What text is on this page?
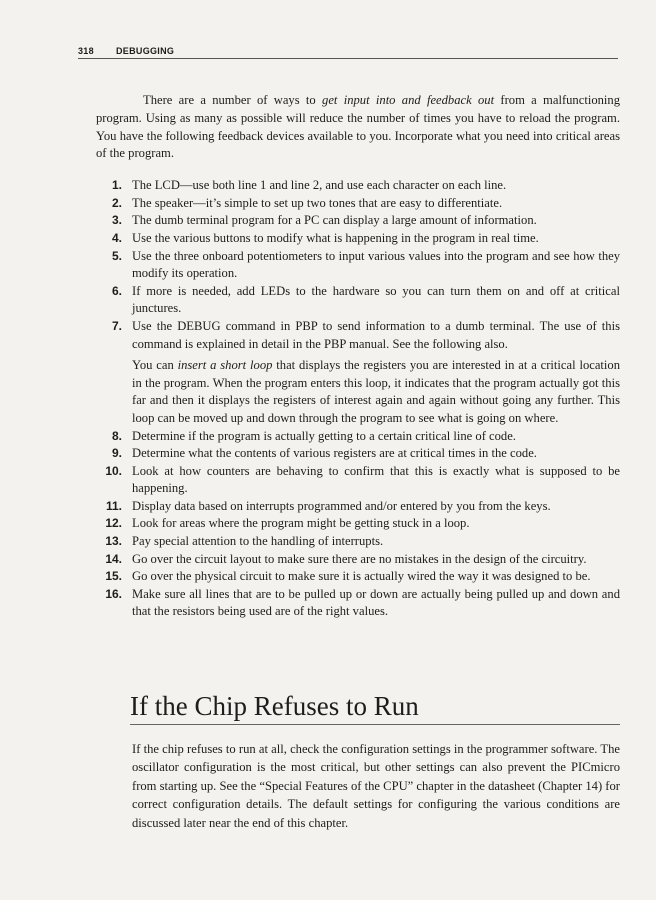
318 DEBUGGING

There are a number of ways to get input into and feedback out from a malfunctioning program. Using as many as possible will reduce the number of times you have to reload the program. You have the following feedback devices available to you. Incorporate what you need into critical areas of the program.

1. The LCD—use both line 1 and line 2, and use each character on each line.
2. The speaker—it’s simple to set up two tones that are easy to differentiate.
3. The dumb terminal program for a PC can display a large amount of information.
4. Use the various buttons to modify what is happening in the program in real time.
5. Use the three onboard potentiometers to input various values into the program and see how they modify its operation.
6. If more is needed, add LEDs to the hardware so you can turn them on and off at critical junctures.
7. Use the DEBUG command in PBP to send information to a dumb terminal. The use of this command is explained in detail in the PBP manual. See the following also.
You can insert a short loop that displays the registers you are interested in at a critical location in the program. When the program enters this loop, it indicates that the program actually got this far and then it displays the registers of interest again and again without going any further. This loop can be moved up and down through the program to see what is going on where.
8. Determine if the program is actually getting to a certain critical line of code.
9. Determine what the contents of various registers are at critical times in the code.
10. Look at how counters are behaving to confirm that this is exactly what is supposed to be happening.
11. Display data based on interrupts programmed and/or entered by you from the keys.
12. Look for areas where the program might be getting stuck in a loop.
13. Pay special attention to the handling of interrupts.
14. Go over the circuit layout to make sure there are no mistakes in the design of the circuitry.
15. Go over the physical circuit to make sure it is actually wired the way it was designed to be.
16. Make sure all lines that are to be pulled up or down are actually being pulled up and down and that the resistors being used are of the right values.
If the Chip Refuses to Run

If the chip refuses to run at all, check the configuration settings in the programmer software. The oscillator configuration is the most critical, but other settings can also prevent the PICmicro from starting up. See the “Special Features of the CPU” chapter in the datasheet (Chapter 14) for correct configuration details. The default settings for configuring the various conditions are discussed later near the end of this chapter.
